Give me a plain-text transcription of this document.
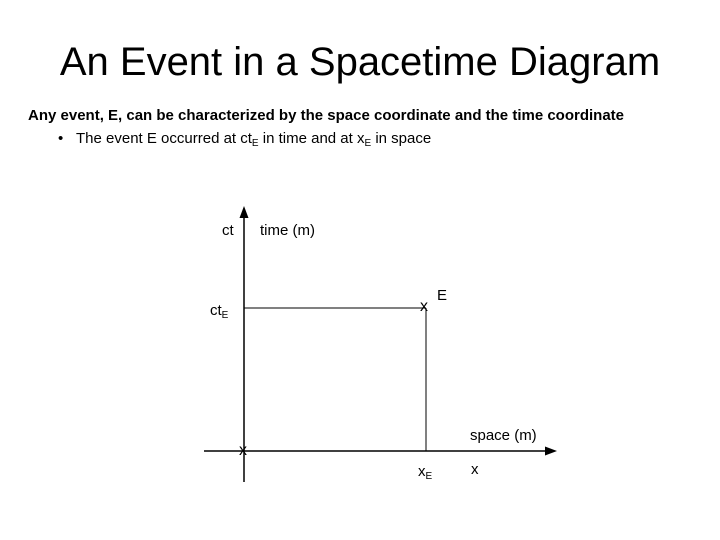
An Event in a Spacetime Diagram
Any event, E, can be characterized by the space coordinate and the time coordinate
• The event E occurred at $ct_E$ in time and at $x_E$ in space
x
x
ct time (m)
E
$ct_E$
space (m)
$x_E$	x
